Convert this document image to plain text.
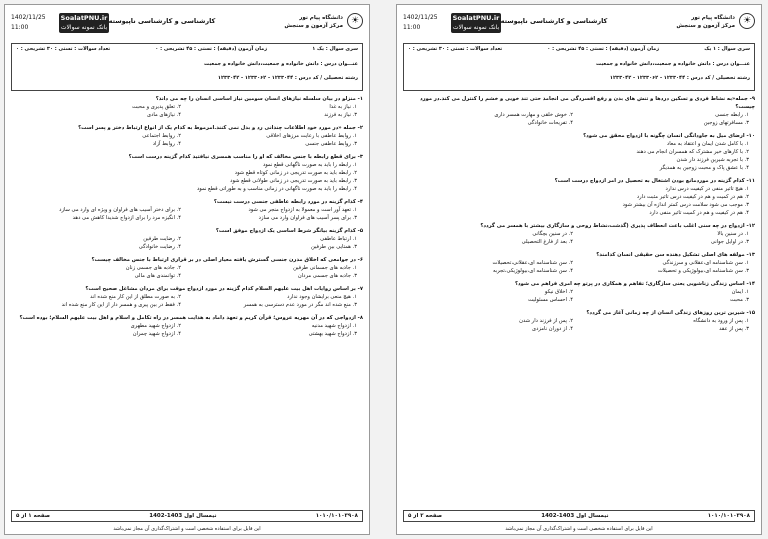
☀
دانشگاه پیام نور
مرکز آزمون و سنجش
کارشناسی و کارشناسی ناپیوسته
SoalatPNU.ir
بانک نمونه سوالات
1402/11/25
11:00
تعداد سوالات : تستی : ۳۰ تشریحی : ۰	زمان آزمون (دقیقه) : تستی : ۴۵ تشریحی : ۰	سری سوال : یک ۱
عنـــوان درس : دانش خانواده و جمعیت،دانش خانواده و جمعیت
رشته تحصیلی / کد درس : ۱۲۳۳۰۴۴ - ۱۲۳۳۰۶۲ - ۱۲۳۳۰۴۲
۱- منزلو در بیان سلسله نیازهای انسان سومین نیاز اساسی انسان را چه می داند؟
۱. نیاز به غذا
۲. تعلق پذیری و محبت
۳. نیاز به فرزند
۴. نیازهای مادی
۲- جمله «در مورد خود اطلاعات چندانی رد و بدل نمی کنند.امرموط به کدام یک از انواع ارتباط دختر و پسر است؟
۱. روابط عاطفی با رعایت مرزهای اخلاقی
۲. روابط اجتماعی
۳. روابط عاطفی جنسی
۴. روابط آزاد
۳- برای قطع رابطه با جنس مخالف که او را مناسب همسری نیافتید کدام گزینه درست است؟
۱. رابطه را باید به صورت ناگهانی قطع نمود
۲. رابطه باید به صورت تدریجی در زمانی کوتاه قطع شود
۳. رابطه باید به صورت تدریجی در زمانی طولانی قطع شود
۴. رابطه را باید به صورت ناگهانی در زمانی مناسب و به طوراتی قطع نمود
۴- کدام گزینه در مورد رابطه عاطفی جنسی درست نیست؟
۱. تعهد آور است و معمولا به ازدواج منجر می شود
۲. برای دختر آسیب های فراوان و ویژه ای وارد می سازد
۳. برای پسر آسیب های فراوان وارد می سازد
۴. انگیزه مرد را برای ازدواج شدیدا کاهش می دهد
۵- کدام گزینه بیانگر شرط اساسی یک ازدواج موفق است؟
۱. ارتباط عاطفی
۲. رضایت طرفین
۳. همتایی بین طرفین
۴. رضایت خانوادگی
۶- در جوامعی که اخلاق مدرن جنسی گسترش یافته معیار اصلی در بر قراری ارتباط با جنس مخالف چیست؟
۱. جاذبه های جسمانی طرفین
۲. جاذبه های جسمی زنان
۳. جاذبه های جسمی مردان
۴. توانمندی های مالی
۷- بر اساس روایات اهل بیت علیهم السلام کدام گزینه در مورد ازدواج موقت برای مردان مشاغل صحیح است؟
۱. هیچ منعی برایشان وجود ندارد
۲. به صورت مطلق از این کار منع شده اند
۳. منع شده اند مگر در مورد عدم دسترسی به همسر
۴. فقط در بین پیری و همسر دار از این کار منع شده اند
۸- ازدواجی که در آن مهریه عروس؛ قرآن کریم و تعهد داماد به هدایت همسر در راه تکامل و اسلام و اهل بیت علیهم السلام؛ بوده است؟
۱. ازدواج شهید مدنیه
۲. ازدواج شهید مطهری
۳. ازدواج شهید بهشتی
۴. ازدواج شهید چمران
صفحه ۱ از ۵	نیمسال اول 1403-1402	۱۰۱۰/۱۰۱۰۳۹۰۸
این فایل برای استفاده شخصی است و اشتراک‌گذاری آن مجاز نمی‌باشد
☀
دانشگاه پیام نور
مرکز آزمون و سنجش
کارشناسی و کارشناسی ناپیوسته
SoalatPNU.ir
بانک نمونه سوالات
1402/11/25
11:00
تعداد سوالات : تستی : ۳۰ تشریحی : ۰	زمان آزمون (دقیقه) : تستی : ۴۵ تشریحی : ۰	سری سوال : ۱ یک
عنـــوان درس : دانش خانواده و جمعیت،دانش خانواده و جمعیت
رشته تحصیلی / کد درس : ۱۲۳۳۰۴۴ - ۱۲۳۳۰۶۲ - ۱۲۳۳۰۴۲
۹- جمله«به نشاط فردی و تسکین دردها و تنش های بدن و رفع افسردگی می انجامد حتی تند خویی و خشم را کنترل می کند.در مورد چیست؟
۱. رابطه جنسی
۲. خوش خلقی و مهارت همسر داری
۳. مسافرتهای زوجین
۴. تفریحات خانوادگی
۱۰- ارضای میل به جاودانگی انسان چگونه با ازدواج محقق می شود؟
۱. با کامل شدن ایمان و اعتقاد به معاد
۲. با کارهای خیر مشترک که همسران انجام می دهند
۳. با تجربه شیرین فرزند دار شدن
۴. با عشق پاک و محبت زوجین به همدیگر
۱۱- کدام گزینه در موردمانع بودن اشتغال به تحصیل در امر ازدواج درست است؟
۱. هیچ تاثیر منفی در کیفیت درس ندارد
۲. هم در کمیت و هم در کیفیت درس تاثیر مثبت دارد
۳. موجب می شود سلامت درس کمتر اندازه آن بیشتر شود
۴. هم در کیفیت و هم در کمیت تاثیر منفی دارد
۱۲- ازدواج در چه سنی اغلب باعث انعطاف پذیری (گذشت،نشاط روحی و سازگاری بیشتر با همسر می گردد؟
۱. در سنین بالا
۲. در سنین بچگانی
۳. در اوایل جوانی
۴. بعد از فارغ التحصیلی
۱۳- مولفه های اصلی تشکیل دهنده سن حقیقی انسان کدامند؟
۱. سن شناسنامه ای،عقلانی و سرزندگی
۲. سن شناسنامه ای،عقلانی،تحصیلات
۳. سن شناسنامه ای،بیولوژیکی و تحصیلات
۴. سن شناسنامه ای،بیولوژیکی،تجربه
۱۴- اساس زندگی زناشویی یعنی سازگاری؛ تفاهم و همکاری در پرتو چه امری فراهم می شود؟
۱. ایمان
۲. اخلاق نیکو
۳. محبت
۴. احساس مسئولیت
۱۵- شیرین ترین روزهای زندگی انسان از چه زمانی آغاز می گردد؟
۱. پس از ورود به دانشگاه
۲. پس از فرزند دار شدن
۳. پس از عقد
۴. از دوران نامزدی
صفحه ۲ از ۵	نیمسال اول 1403-1402	۱۰۱۰/۱۰۱۰۳۹۰۸
این فایل برای استفاده شخصی است و اشتراک‌گذاری آن مجاز نمی‌باشد
